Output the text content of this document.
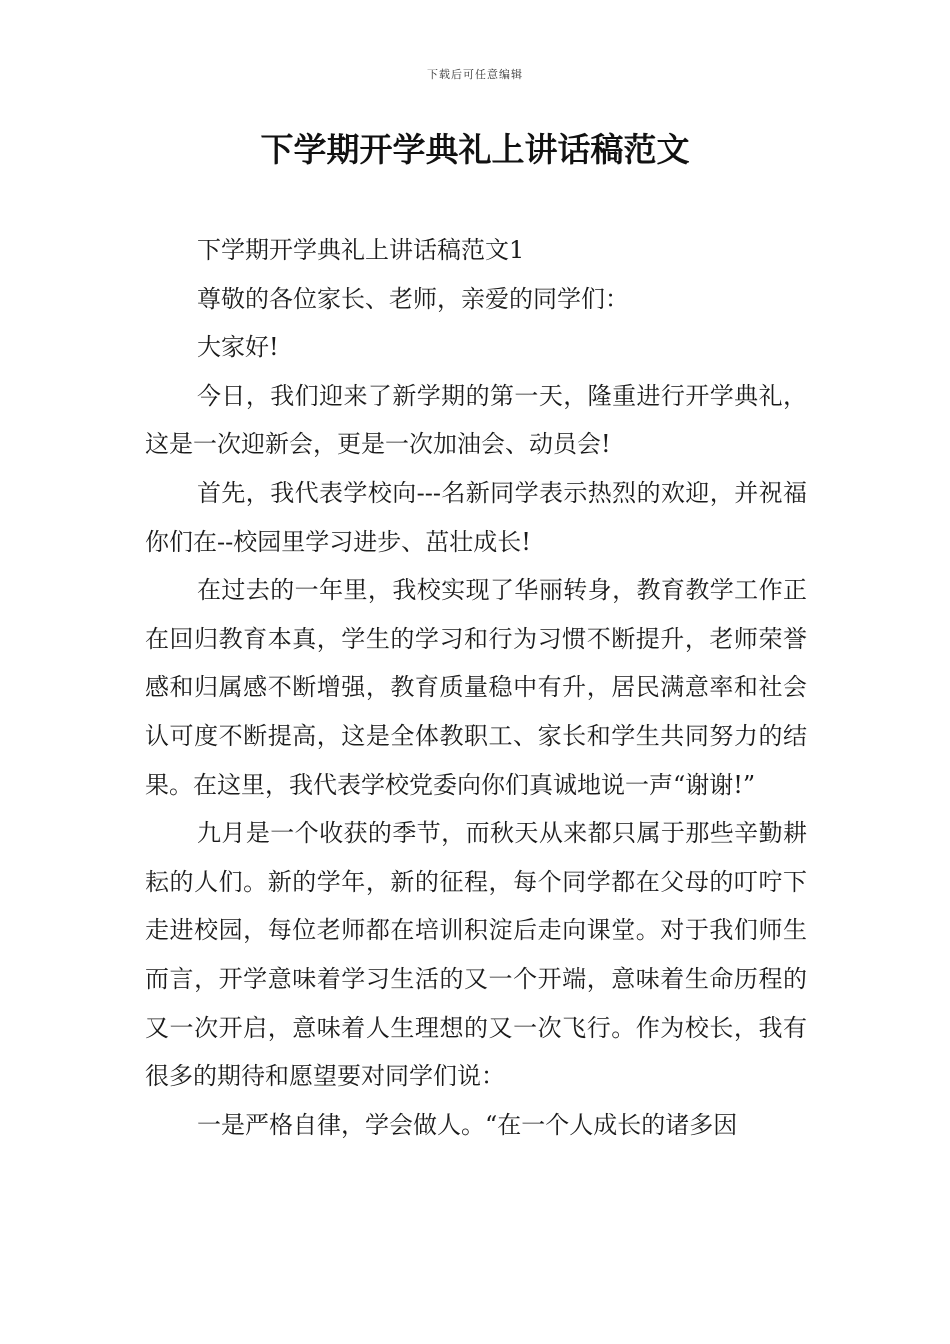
下载后可任意编辑
下学期开学典礼上讲话稿范文

下学期开学典礼上讲话稿范文1

尊敬的各位家长、老师，亲爱的同学们：

大家好!

今日，我们迎来了新学期的第一天，隆重进行开学典礼，这是一次迎新会，更是一次加油会、动员会!

首先，我代表学校向---名新同学表示热烈的欢迎，并祝福你们在--校园里学习进步、茁壮成长!

在过去的一年里，我校实现了华丽转身，教育教学工作正在回归教育本真，学生的学习和行为习惯不断提升，老师荣誉感和归属感不断增强，教育质量稳中有升，居民满意率和社会认可度不断提高，这是全体教职工、家长和学生共同努力的结果。在这里，我代表学校党委向你们真诚地说一声“谢谢!”

九月是一个收获的季节，而秋天从来都只属于那些辛勤耕耘的人们。新的学年，新的征程，每个同学都在父母的叮咛下走进校园，每位老师都在培训积淀后走向课堂。对于我们师生而言，开学意味着学习生活的又一个开端，意味着生命历程的又一次开启，意味着人生理想的又一次飞行。作为校长，我有很多的期待和愿望要对同学们说：

一是严格自律，学会做人。“在一个人成长的诸多因
